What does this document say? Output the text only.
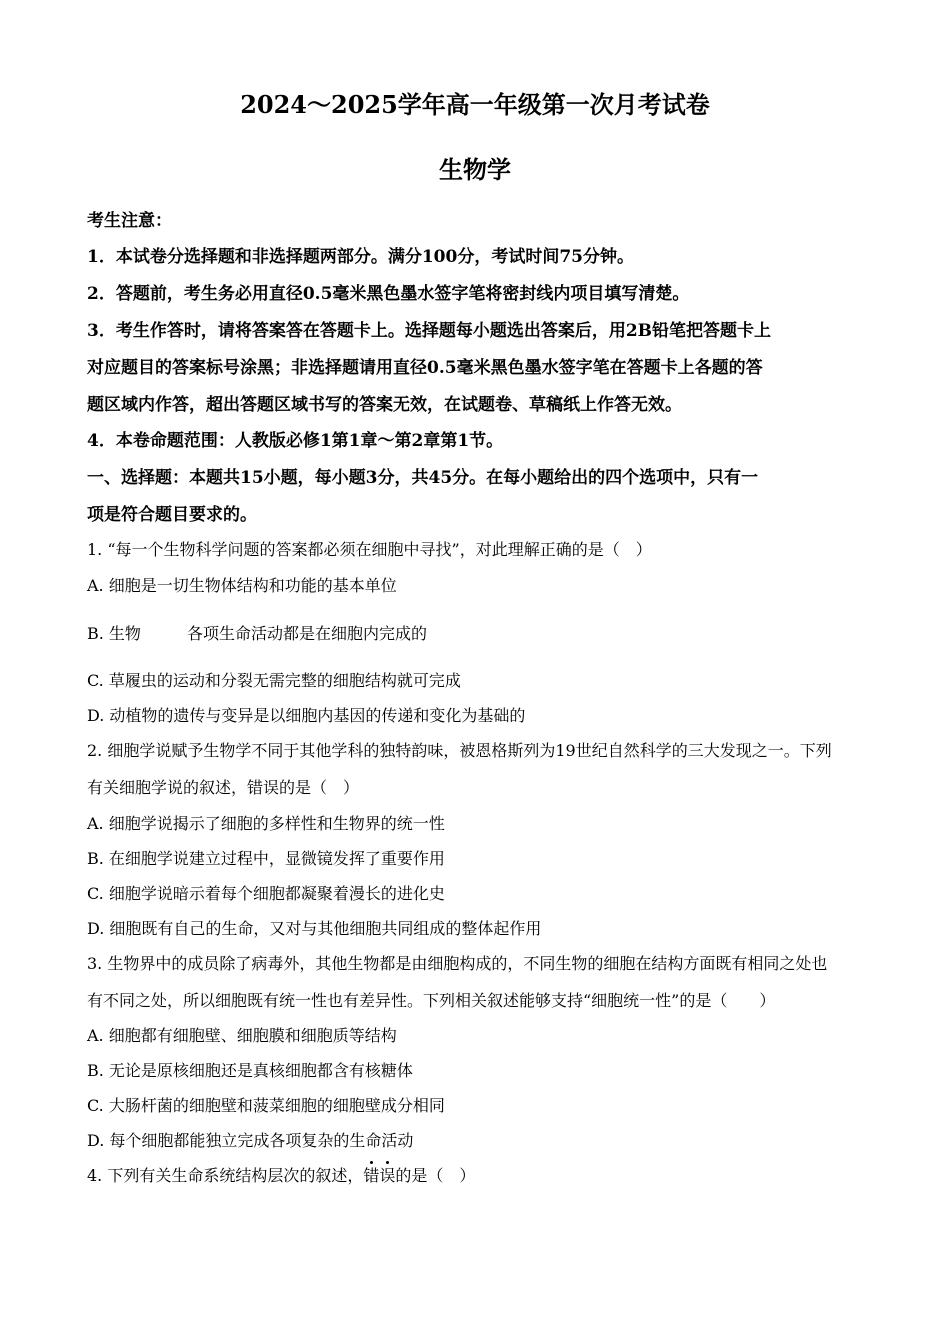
2024～2025学年高一年级第一次月考试卷
生物学
考生注意：
1．本试卷分选择题和非选择题两部分。满分100分，考试时间75分钟。
2．答题前，考生务必用直径0.5毫米黑色墨水签字笔将密封线内项目填写清楚。
3．考生作答时，请将答案答在答题卡上。选择题每小题选出答案后，用2B铅笔把答题卡上
对应题目的答案标号涂黑；非选择题请用直径0.5毫米黑色墨水签字笔在答题卡上各题的答
题区域内作答，超出答题区域书写的答案无效，在试题卷、草稿纸上作答无效。
4．本卷命题范围：人教版必修1第1章～第2章第1节。
一、选择题：本题共15小题，每小题3分，共45分。在每小题给出的四个选项中，只有一
项是符合题目要求的。
1. “每一个生物科学问题的答案都必须在细胞中寻找”，对此理解正确的是（　）
A. 细胞是一切生物体结构和功能的基本单位
B. 生物	各项生命活动都是在细胞内完成的
C. 草履虫的运动和分裂无需完整的细胞结构就可完成
D. 动植物的遗传与变异是以细胞内基因的传递和变化为基础的
2. 细胞学说赋予生物学不同于其他学科的独特韵味，被恩格斯列为19世纪自然科学的三大发现之一。下列
有关细胞学说的叙述，错误的是（　）
A. 细胞学说揭示了细胞的多样性和生物界的统一性
B. 在细胞学说建立过程中，显微镜发挥了重要作用
C. 细胞学说暗示着每个细胞都凝聚着漫长的进化史
D. 细胞既有自己的生命，又对与其他细胞共同组成的整体起作用
3. 生物界中的成员除了病毒外，其他生物都是由细胞构成的，不同生物的细胞在结构方面既有相同之处也
有不同之处，所以细胞既有统一性也有差异性。下列相关叙述能够支持“细胞统一性”的是（　　）
A. 细胞都有细胞壁、细胞膜和细胞质等结构
B. 无论是原核细胞还是真核细胞都含有核糖体
C. 大肠杆菌的细胞壁和菠菜细胞的细胞壁成分相同
D. 每个细胞都能独立完成各项复杂的生命活动
4. 下列有关生命系统结构层次的叙述，错误的是（　）
